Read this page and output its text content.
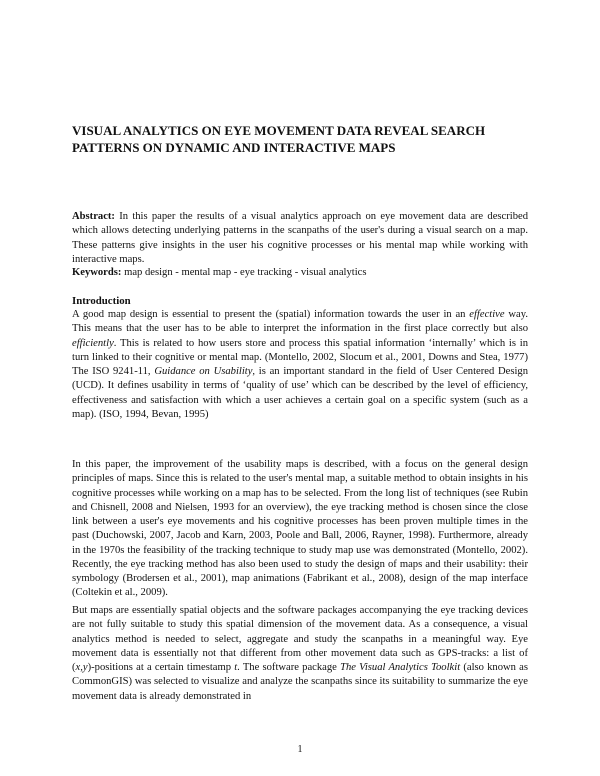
VISUAL ANALYTICS ON EYE MOVEMENT DATA REVEAL SEARCH PATTERNS ON DYNAMIC AND INTERACTIVE MAPS
Abstract: In this paper the results of a visual analytics approach on eye movement data are described which allows detecting underlying patterns in the scanpaths of the user's during a visual search on a map. These patterns give insights in the user his cognitive processes or his mental map while working with interactive maps.
Keywords: map design - mental map - eye tracking - visual analytics
Introduction
A good map design is essential to present the (spatial) information towards the user in an effective way. This means that the user has to be able to interpret the information in the first place correctly but also efficiently. This is related to how users store and process this spatial information ‘internally’ which is in turn linked to their cognitive or mental map. (Montello, 2002, Slocum et al., 2001, Downs and Stea, 1977) The ISO 9241-11, Guidance on Usability, is an important standard in the field of User Centered Design (UCD). It defines usability in terms of ‘quality of use’ which can be described by the level of efficiency, effectiveness and satisfaction with which a user achieves a certain goal on a specific system (such as a map). (ISO, 1994, Bevan, 1995)
In this paper, the improvement of the usability maps is described, with a focus on the general design principles of maps. Since this is related to the user's mental map, a suitable method to obtain insights in his cognitive processes while working on a map has to be selected. From the long list of techniques (see Rubin and Chisnell, 2008 and Nielsen, 1993 for an overview), the eye tracking method is chosen since the close link between a user's eye movements and his cognitive processes has been proven multiple times in the past (Duchowski, 2007, Jacob and Karn, 2003, Poole and Ball, 2006, Rayner, 1998). Furthermore, already in the 1970s the feasibility of the tracking technique to study map use was demonstrated (Montello, 2002). Recently, the eye tracking method has also been used to study the design of maps and their usability: their symbology (Brodersen et al., 2001), map animations (Fabrikant et al., 2008), design of the map interface (Coltekin et al., 2009).
But maps are essentially spatial objects and the software packages accompanying the eye tracking devices are not fully suitable to study this spatial dimension of the movement data. As a consequence, a visual analytics method is needed to select, aggregate and study the scanpaths in a meaningful way. Eye movement data is essentially not that different from other movement data such as GPS-tracks: a list of (x,y)-positions at a certain timestamp t. The software package The Visual Analytics Toolkit (also known as CommonGIS) was selected to visualize and analyze the scanpaths since its suitability to summarize the eye movement data is already demonstrated in
1
